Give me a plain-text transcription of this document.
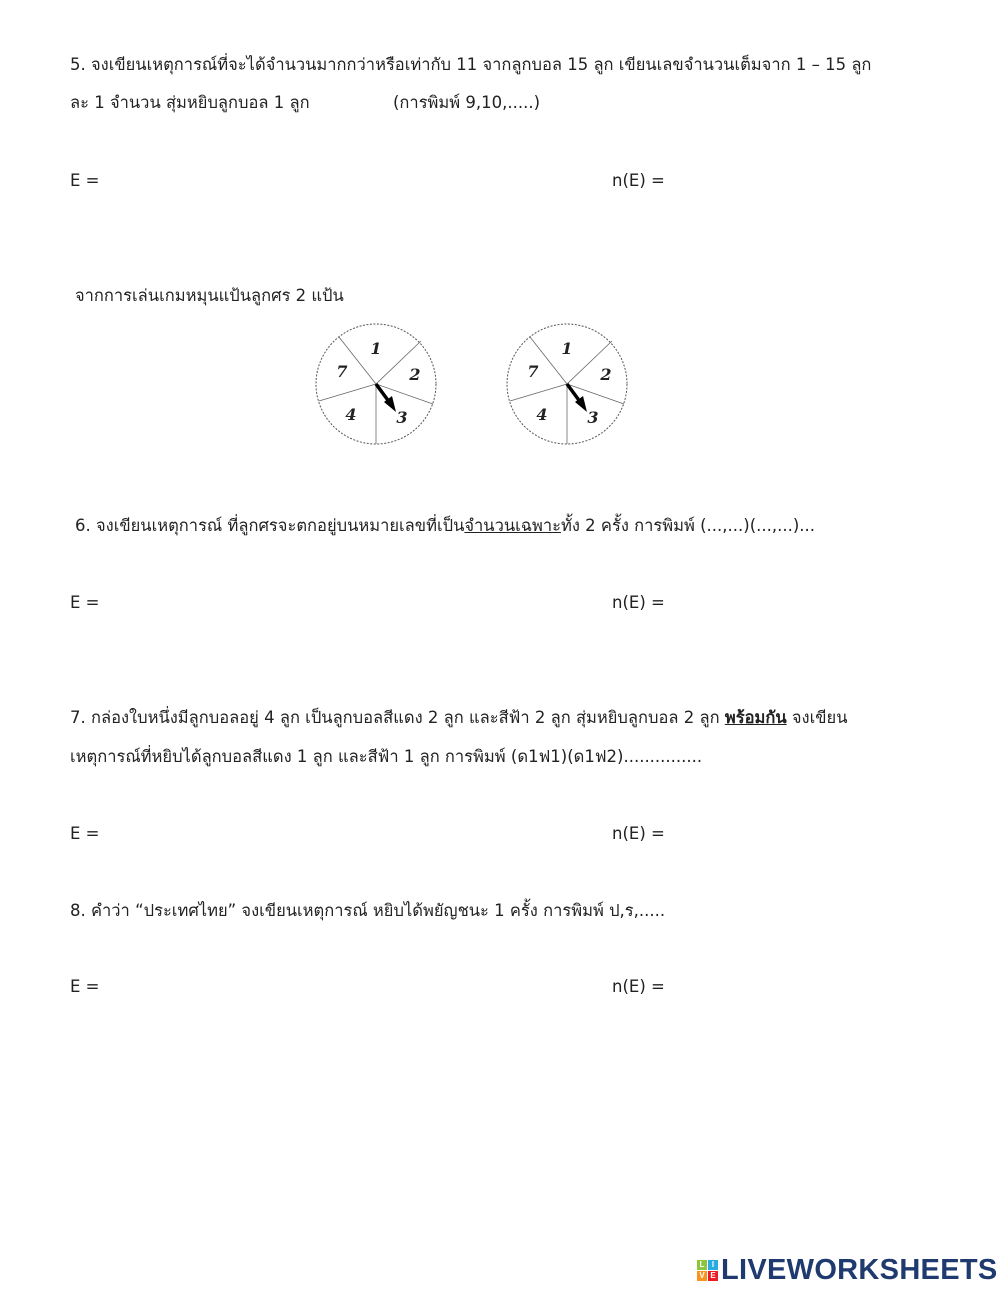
5. จงเขียนเหตุการณ์ที่จะได้จำนวนมากกว่าหรือเท่ากับ 11 จากลูกบอล 15 ลูก เขียนเลขจำนวนเต็มจาก 1 – 15 ลูก
ละ 1 จำนวน สุ่มหยิบลูกบอล 1 ลูก	(การพิมพ์ 9,10,.....)
E =	n(E) =
จากการเล่นเกมหมุนแป้นลูกศร 2 แป้น
1
2
3
4
7
1
2
3
4
7
6. จงเขียนเหตุการณ์ ที่ลูกศรจะตกอยู่บนหมายเลขที่เป็นจำนวนเฉพาะทั้ง 2 ครั้ง การพิมพ์ (...,...)(...,...)...
E =	n(E) =
7. กล่องใบหนึ่งมีลูกบอลอยู่ 4 ลูก เป็นลูกบอลสีแดง 2 ลูก และสีฟ้า 2 ลูก สุ่มหยิบลูกบอล 2 ลูก พร้อมกัน จงเขียน
เหตุการณ์ที่หยิบได้ลูกบอลสีแดง 1 ลูก และสีฟ้า 1 ลูก การพิมพ์ (ด1ฟ1)(ด1ฟ2)...............
E =	n(E) =
8. คำว่า “ประเทศไทย” จงเขียนเหตุการณ์ หยิบได้พยัญชนะ 1 ครั้ง การพิมพ์ ป,ร,.....
E =	n(E) =
L I
V E LIVEWORKSHEETS
